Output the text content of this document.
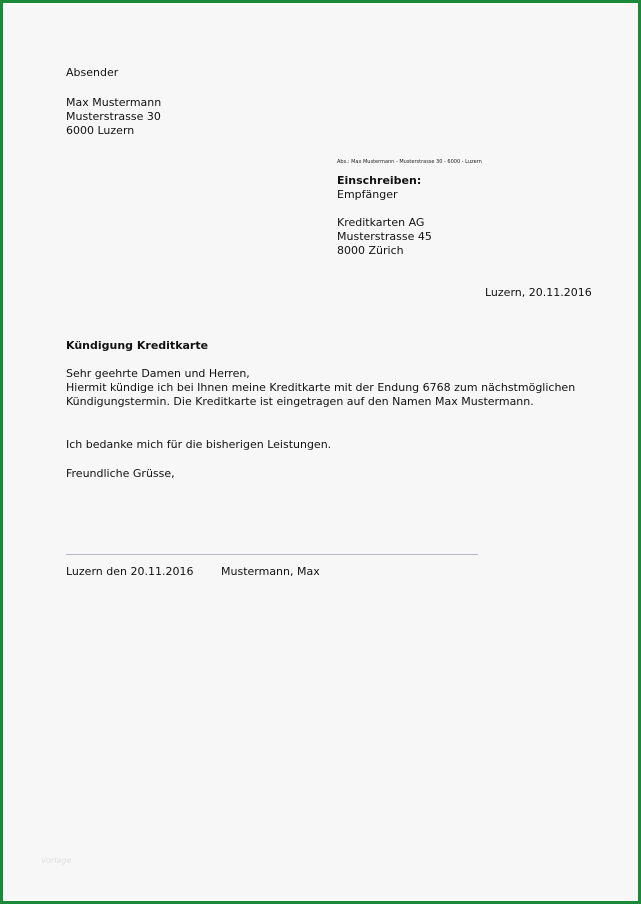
Absender
Max Mustermann
Musterstrasse 30
6000 Luzern

Abs.: Max Mustermann - Musterstrasse 30 - 6000 - Luzern

Einschreiben:
Empfänger
Kreditkarten AG
Musterstrasse 45
8000 Zürich

Luzern, 20.11.2016

Kündigung Kreditkarte

Sehr geehrte Damen und Herren,
Hiermit kündige ich bei Ihnen meine Kreditkarte mit der Endung 6768 zum nächstmöglichen
Kündigungstermin. Die Kreditkarte ist eingetragen auf den Namen Max Mustermann.

Ich bedanke mich für die bisherigen Leistungen.

Freundliche Grüsse,

Luzern den 20.11.2016	Mustermann, Max

Vorlage
